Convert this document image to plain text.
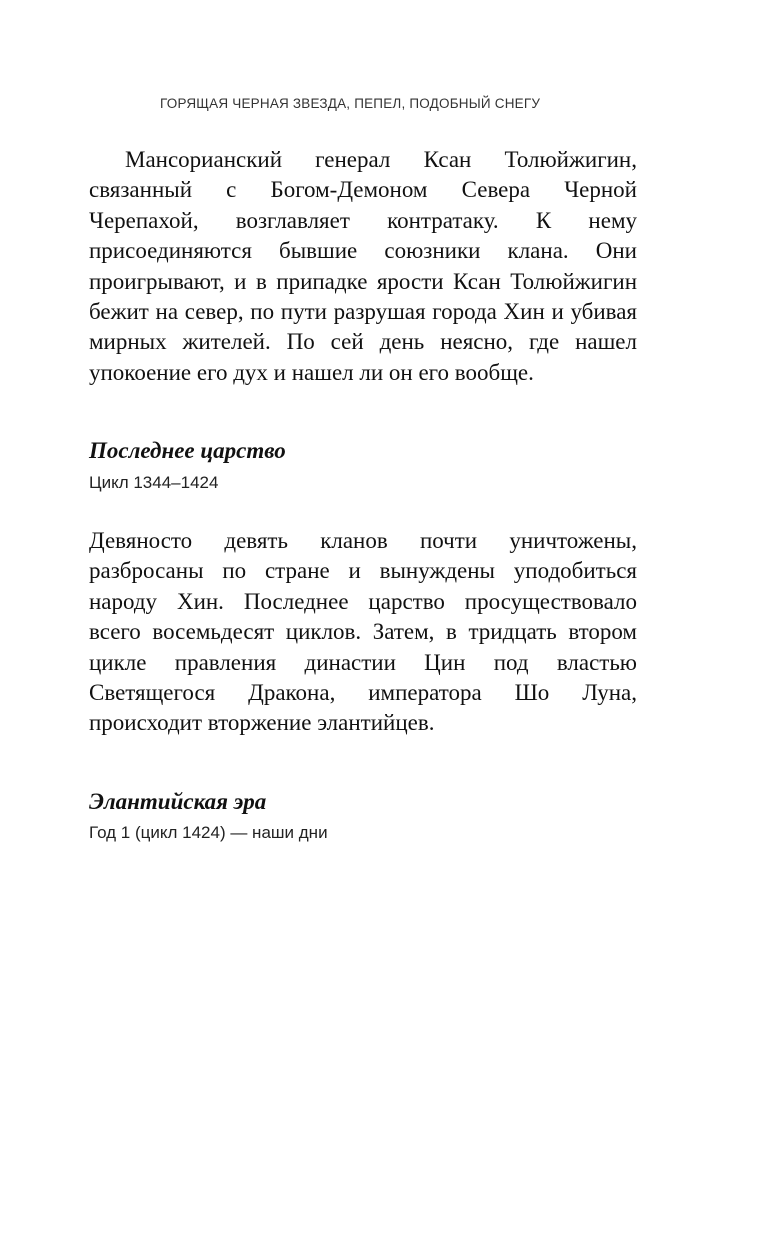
ГОРЯЩАЯ ЧЕРНАЯ ЗВЕЗДА, ПЕПЕЛ, ПОДОБНЫЙ СНЕГУ

Мансорианский генерал Ксан Толюйжигин, связанный с Богом-Демоном Севера Черной Черепахой, возглавляет контратаку. К нему присоединяются бывшие союзники клана. Они проигрывают, и в припадке ярости Ксан Толюйжигин бежит на север, по пути разрушая города Хин и убивая мирных жителей. По сей день неясно, где нашел упокоение его дух и нашел ли он его вообще.

Последнее царство
Цикл 1344–1424

Девяносто девять кланов почти уничтожены, разбросаны по стране и вынуждены уподобиться народу Хин. Последнее царство просуществовало всего восемьдесят циклов. Затем, в тридцать втором цикле правления династии Цин под властью Светящегося Дракона, императора Шо Луна, происходит вторжение элантийцев.

Элантийская эра
Год 1 (цикл 1424) — наши дни
